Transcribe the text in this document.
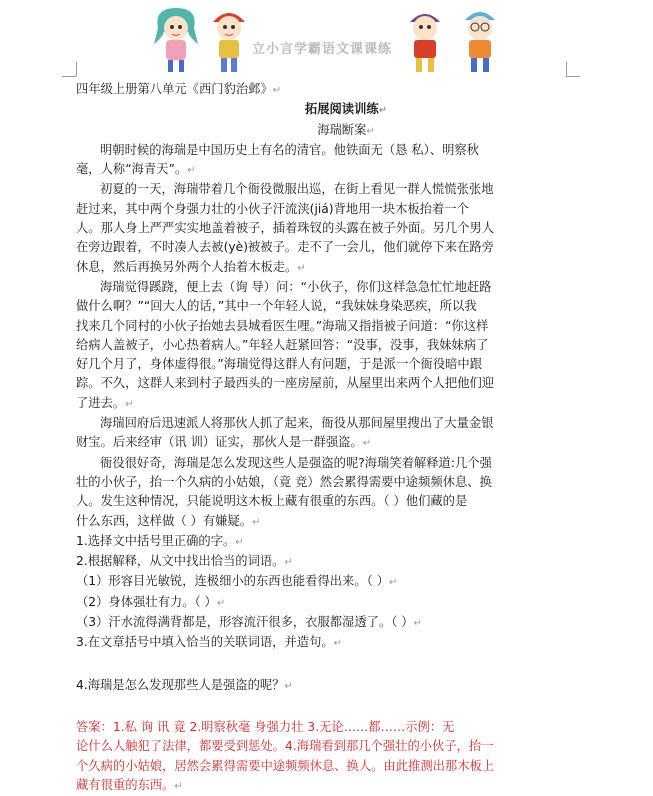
立小言学霸语文课课练
四年级上册第八单元《西门豹治邺》↵
拓展阅读训练↵
海瑞断案↵
明朝时候的海瑞是中国历史上有名的清官。他铁面无（恳 私）、明察秋
毫，人称“海青天”。↵
初夏的一天，海瑞带着几个衙役微服出巡，在街上看见一群人慌慌张张地
赶过来，其中两个身强力壮的小伙子汗流浃(jiá)背地用一块木板抬着一个
人。那人身上严严实实地盖着被子，插着珠钗的头露在被子外面。另几个男人
在旁边跟着，不时凑人去被(yè)被被子。走不了一会儿，他们就停下来在路旁
休息，然后再换另外两个人抬着木板走。↵
海瑞觉得蹊跷，便上去（询 导）问：“小伙子，你们这样急急忙忙地赶路
做什么啊？”“回大人的话，”其中一个年轻人说，“我妹妹身染恶疾，所以我
找来几个同村的小伙子抬她去县城看医生哩。”海瑞又指指被子问道：“你这样
给病人盖被子，小心热着病人。”年轻人赶紧回答：“没事，没事，我妹妹病了
好几个月了，身体虚得很。”海瑞觉得这群人有问题，于是派一个衙役暗中跟
踪。不久，这群人来到村子最西头的一座房屋前，从屋里出来两个人把他们迎
了进去。↵
海瑞回府后迅速派人将那伙人抓了起来，衙役从那间屋里搜出了大量金银
财宝。后来经审（讯 训）证实，那伙人是一群强盗。↵
衙役很好奇，海瑞是怎么发现这些人是强盗的呢?海瑞笑着解释道:几个强
壮的小伙子，抬一个久病的小姑娘，（竟 竞）然会累得需要中途频频休息、换
人。发生这种情况，只能说明这木板上藏有很重的东西。（ ）他们藏的是
什么东西，这样做（ ）有嫌疑。↵
1.选择文中括号里正确的字。↵
2.根据解释，从文中找出恰当的词语。↵
（1）形容目光敏锐，连极细小的东西也能看得出来。（ ）↵
（2）身体强壮有力。（ ）↵
（3）汗水流得满背都是，形容流汗很多，衣服都湿透了。（ ）↵
3.在文章括号中填入恰当的关联词语，并造句。↵
4.海瑞是怎么发现那些人是强盗的呢？↵
答案：1.私 询 讯 竟 2.明察秋毫 身强力壮 3.无论……都……示例：无
论什么人触犯了法律，都要受到惩处。4.海瑞看到那几个强壮的小伙子，抬一
个久病的小姑娘，居然会累得需要中途频频休息、换人。由此推测出那木板上
藏有很重的东西。↵
